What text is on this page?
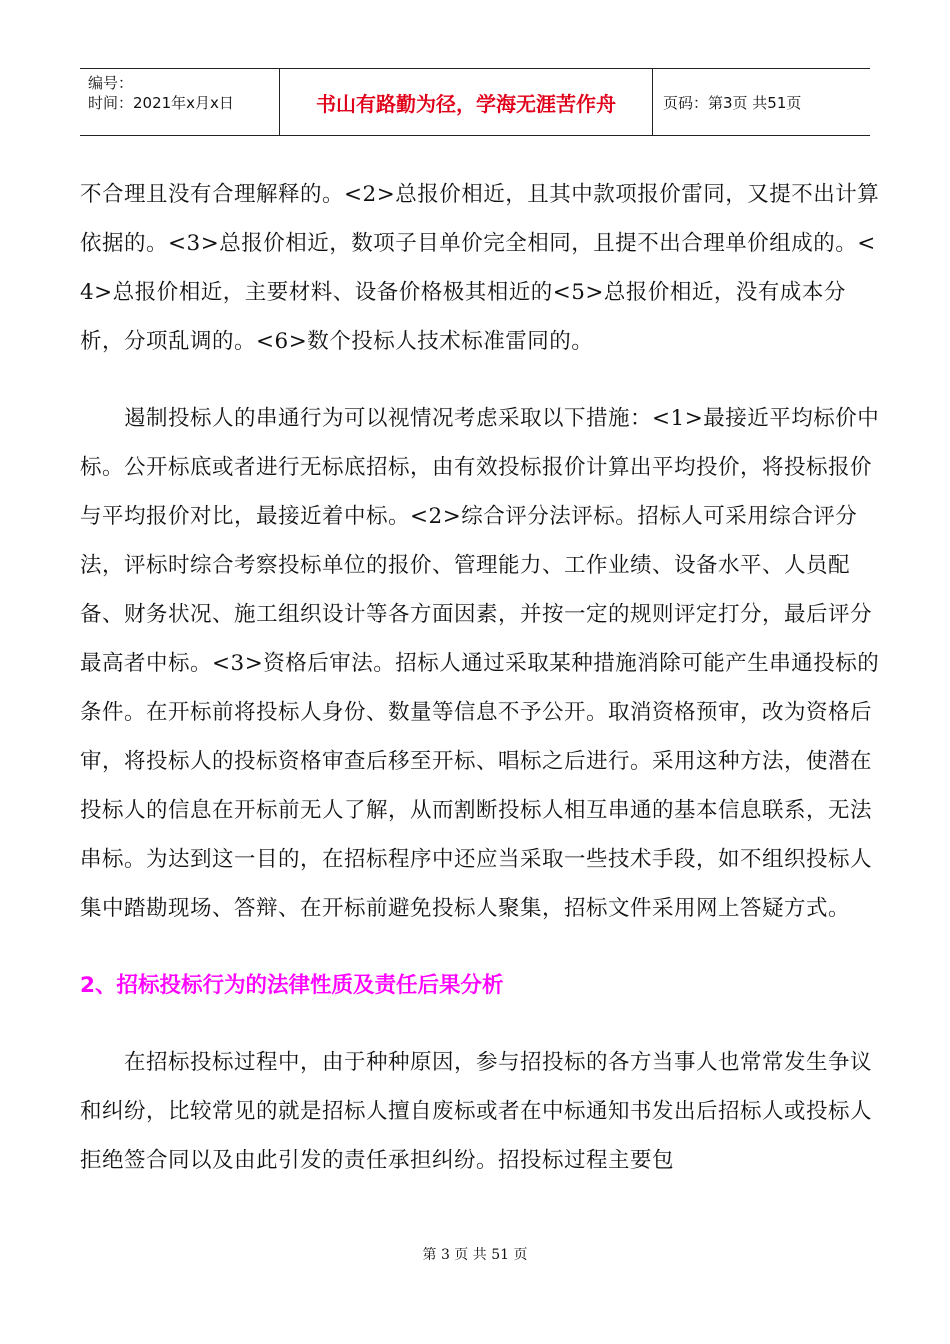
编号：
时间：2021年x月x日	书山有路勤为径，学海无涯苦作舟	页码：第3页 共51页

不合理且没有合理解释的。<2>总报价相近，且其中款项报价雷同，又提不出计算依据的。<3>总报价相近，数项子目单价完全相同，且提不出合理单价组成的。<4>总报价相近，主要材料、设备价格极其相近的<5>总报价相近，没有成本分析，分项乱调的。<6>数个投标人技术标准雷同的。

遏制投标人的串通行为可以视情况考虑采取以下措施：<1>最接近平均标价中标。公开标底或者进行无标底招标，由有效投标报价计算出平均投价，将投标报价与平均报价对比，最接近着中标。<2>综合评分法评标。招标人可采用综合评分法，评标时综合考察投标单位的报价、管理能力、工作业绩、设备水平、人员配备、财务状况、施工组织设计等各方面因素，并按一定的规则评定打分，最后评分最高者中标。<3>资格后审法。招标人通过采取某种措施消除可能产生串通投标的条件。在开标前将投标人身份、数量等信息不予公开。取消资格预审，改为资格后审，将投标人的投标资格审查后移至开标、唱标之后进行。采用这种方法，使潜在投标人的信息在开标前无人了解，从而割断投标人相互串通的基本信息联系，无法串标。为达到这一目的，在招标程序中还应当采取一些技术手段，如不组织投标人集中踏勘现场、答辩、在开标前避免投标人聚集，招标文件采用网上答疑方式。

2、招标投标行为的法律性质及责任后果分析

在招标投标过程中，由于种种原因，参与招投标的各方当事人也常常发生争议和纠纷，比较常见的就是招标人擅自废标或者在中标通知书发出后招标人或投标人拒绝签合同以及由此引发的责任承担纠纷。招投标过程主要包

第 3 页 共 51 页
